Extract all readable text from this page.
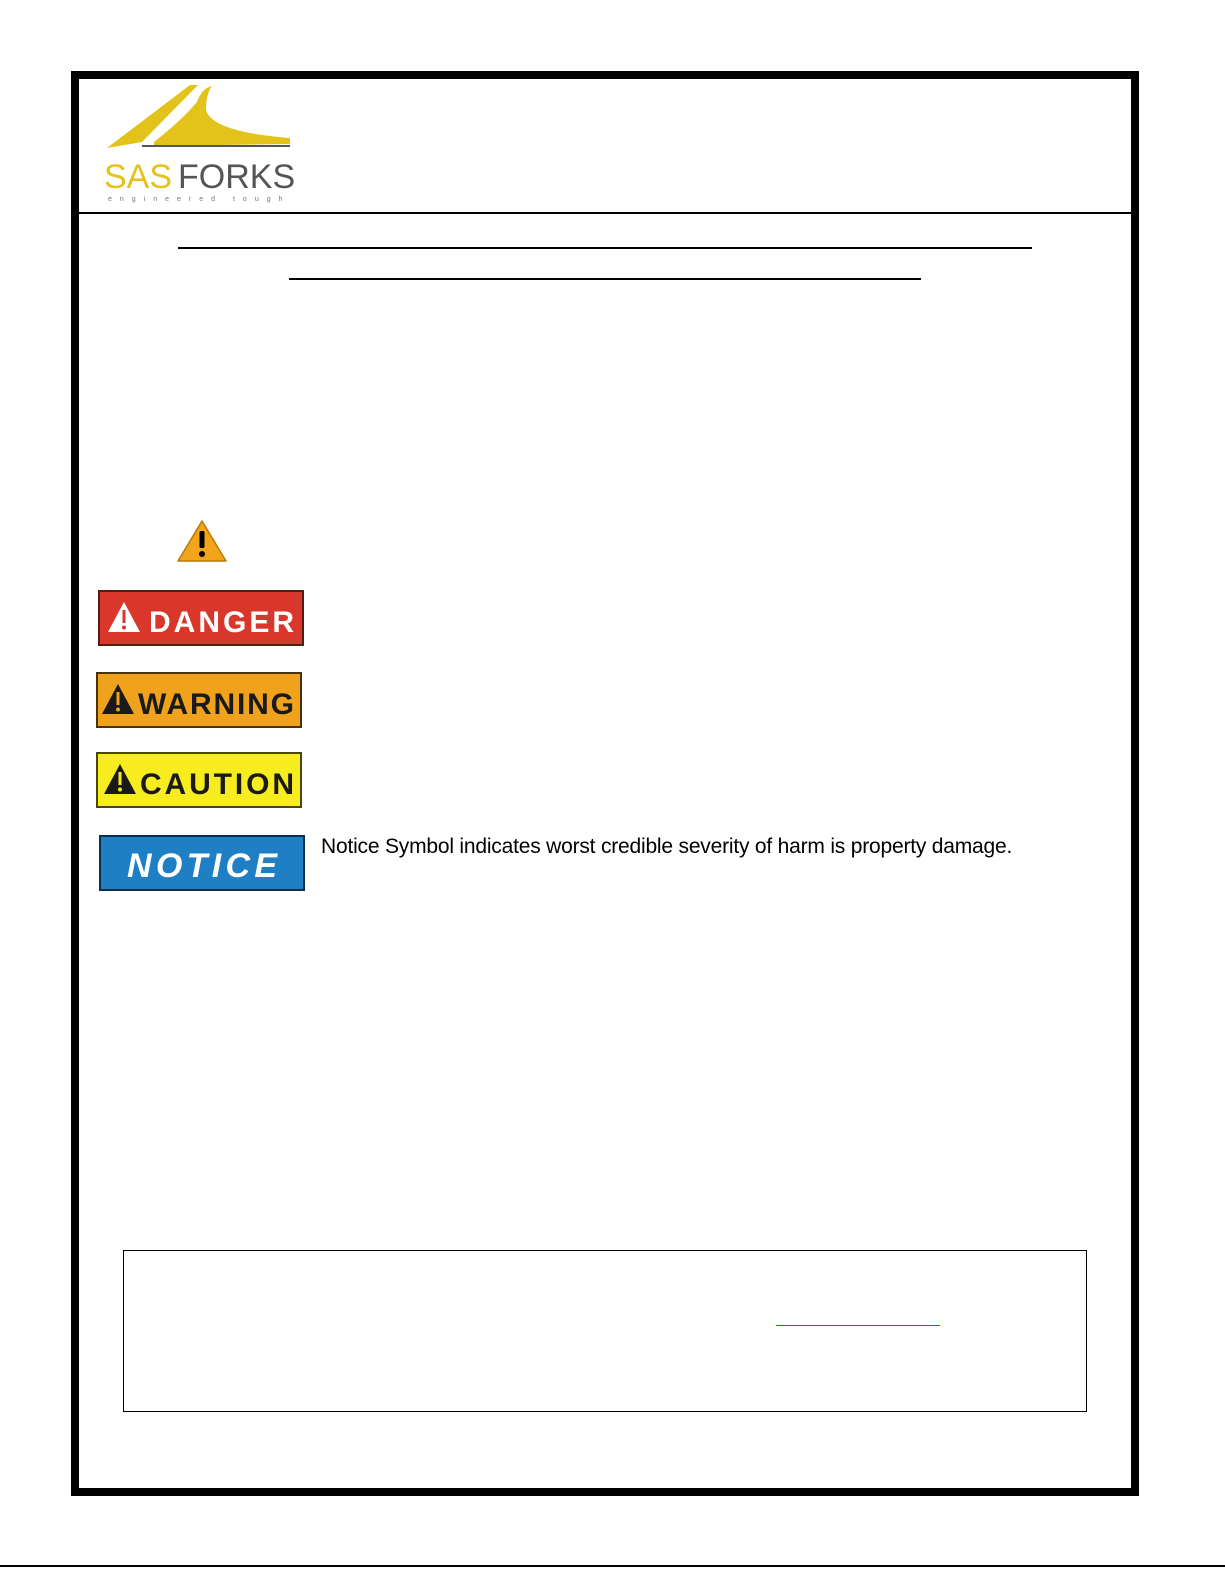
SAS FORKS
engineered tough
DANGER
WARNING
CAUTION
NOTICE
Notice Symbol indicates worst credible severity of harm is property damage.
